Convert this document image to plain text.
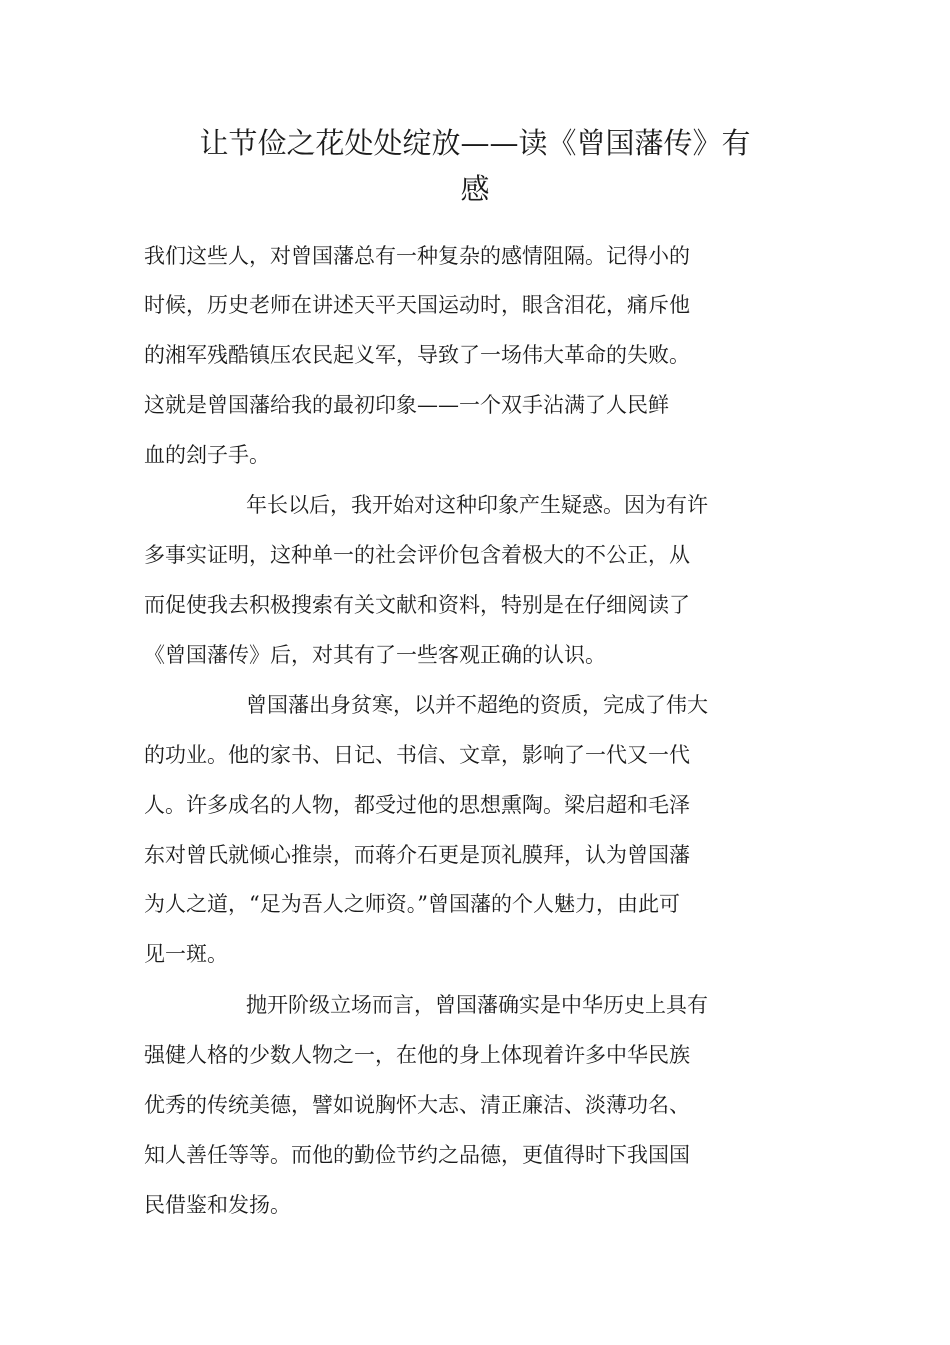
让节俭之花处处绽放——读《曾国藩传》有
感
我们这些人，对曾国藩总有一种复杂的感情阻隔。记得小的
时候，历史老师在讲述天平天国运动时，眼含泪花，痛斥他
的湘军残酷镇压农民起义军，导致了一场伟大革命的失败。
这就是曾国藩给我的最初印象——一个双手沾满了人民鲜
血的刽子手。
年长以后，我开始对这种印象产生疑惑。因为有许
多事实证明，这种单一的社会评价包含着极大的不公正，从
而促使我去积极搜索有关文献和资料，特别是在仔细阅读了
《曾国藩传》后，对其有了一些客观正确的认识。
曾国藩出身贫寒，以并不超绝的资质，完成了伟大
的功业。他的家书、日记、书信、文章，影响了一代又一代
人。许多成名的人物，都受过他的思想熏陶。梁启超和毛泽
东对曾氏就倾心推崇，而蒋介石更是顶礼膜拜，认为曾国藩
为人之道，“足为吾人之师资。”曾国藩的个人魅力，由此可
见一斑。
抛开阶级立场而言，曾国藩确实是中华历史上具有
强健人格的少数人物之一，在他的身上体现着许多中华民族
优秀的传统美德，譬如说胸怀大志、清正廉洁、淡薄功名、
知人善任等等。而他的勤俭节约之品德，更值得时下我国国
民借鉴和发扬。
